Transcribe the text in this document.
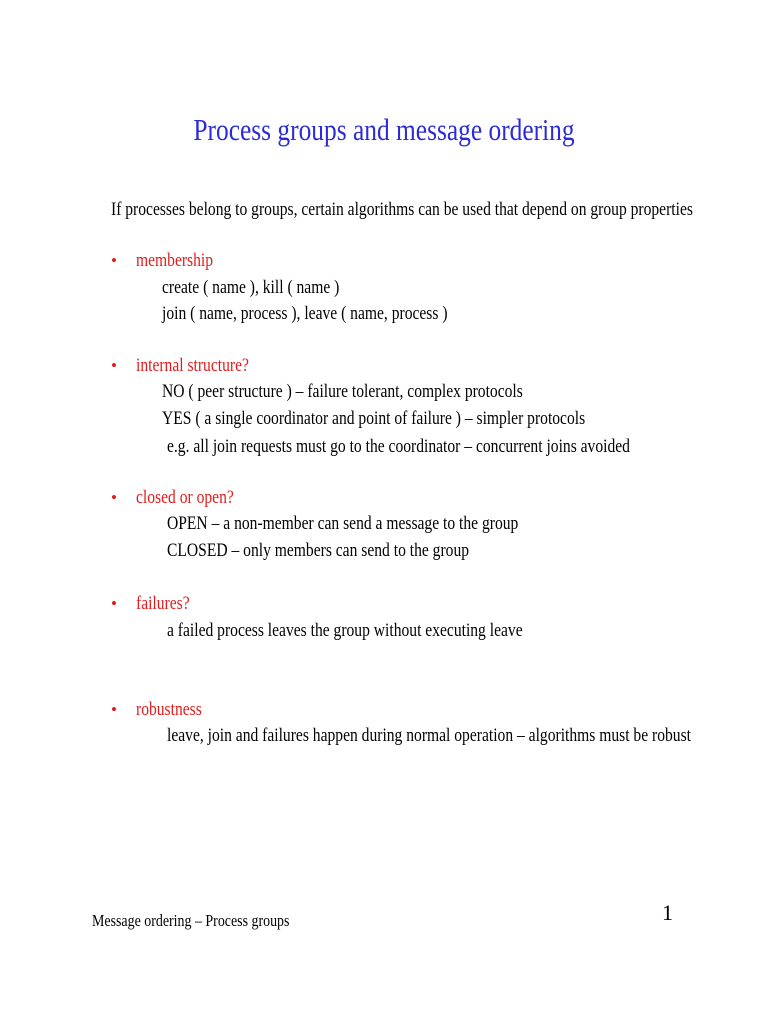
Process groups and message ordering
If processes belong to groups, certain algorithms can be used that depend on group properties
• membership
create ( name ), kill ( name )
join ( name, process ), leave ( name, process )
• internal structure?
NO ( peer structure ) – failure tolerant, complex protocols
YES ( a single coordinator and point of failure ) – simpler protocols
e.g. all join requests must go to the coordinator – concurrent joins avoided
• closed or open?
OPEN – a non-member can send a message to the group
CLOSED – only members can send to the group
• failures?
a failed process leaves the group without executing leave
• robustness
leave, join and failures happen during normal operation – algorithms must be robust
Message ordering – Process groups	1
